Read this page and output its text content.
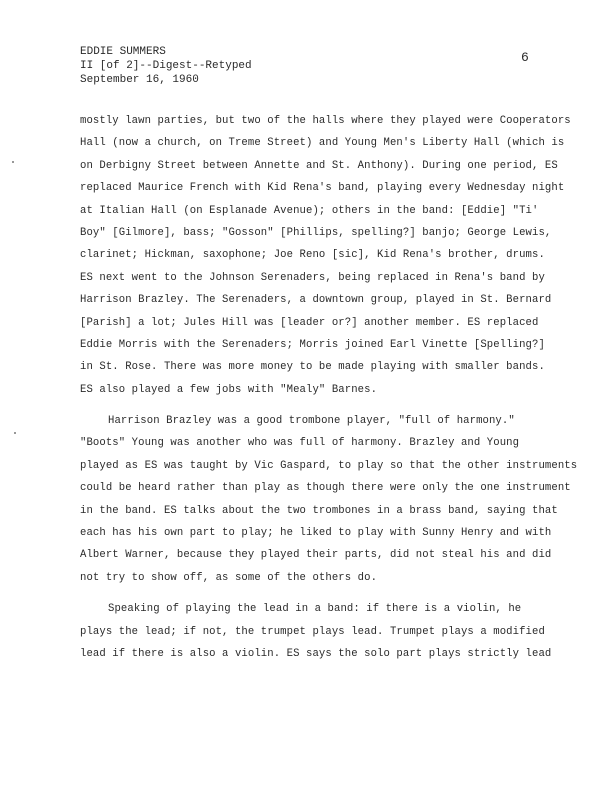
EDDIE SUMMERS
II [of 2]--Digest--Retyped
September 16, 1960
6
mostly lawn parties, but two of the halls where they played were Cooperators
Hall (now a church, on Treme Street) and Young Men's Liberty Hall (which is
on Derbigny Street between Annette and St. Anthony). During one period, ES
replaced Maurice French with Kid Rena's band, playing every Wednesday night
at Italian Hall (on Esplanade Avenue); others in the band: [Eddie] "Ti'
Boy" [Gilmore], bass; "Gosson" [Phillips, spelling?] banjo; George Lewis,
clarinet; Hickman, saxophone; Joe Reno [sic], Kid Rena's brother, drums.
ES next went to the Johnson Serenaders, being replaced in Rena's band by
Harrison Brazley. The Serenaders, a downtown group, played in St. Bernard
[Parish] a lot; Jules Hill was [leader or?] another member. ES replaced
Eddie Morris with the Serenaders; Morris joined Earl Vinette [Spelling?]
in St. Rose. There was more money to be made playing with smaller bands.
ES also played a few jobs with "Mealy" Barnes.
Harrison Brazley was a good trombone player, "full of harmony."
"Boots" Young was another who was full of harmony. Brazley and Young
played as ES was taught by Vic Gaspard, to play so that the other instruments
could be heard rather than play as though there were only the one instrument
in the band. ES talks about the two trombones in a brass band, saying that
each has his own part to play; he liked to play with Sunny Henry and with
Albert Warner, because they played their parts, did not steal his and did
not try to show off, as some of the others do.
Speaking of playing the lead in a band: if there is a violin, he
plays the lead; if not, the trumpet plays lead. Trumpet plays a modified
lead if there is also a violin. ES says the solo part plays strictly lead
